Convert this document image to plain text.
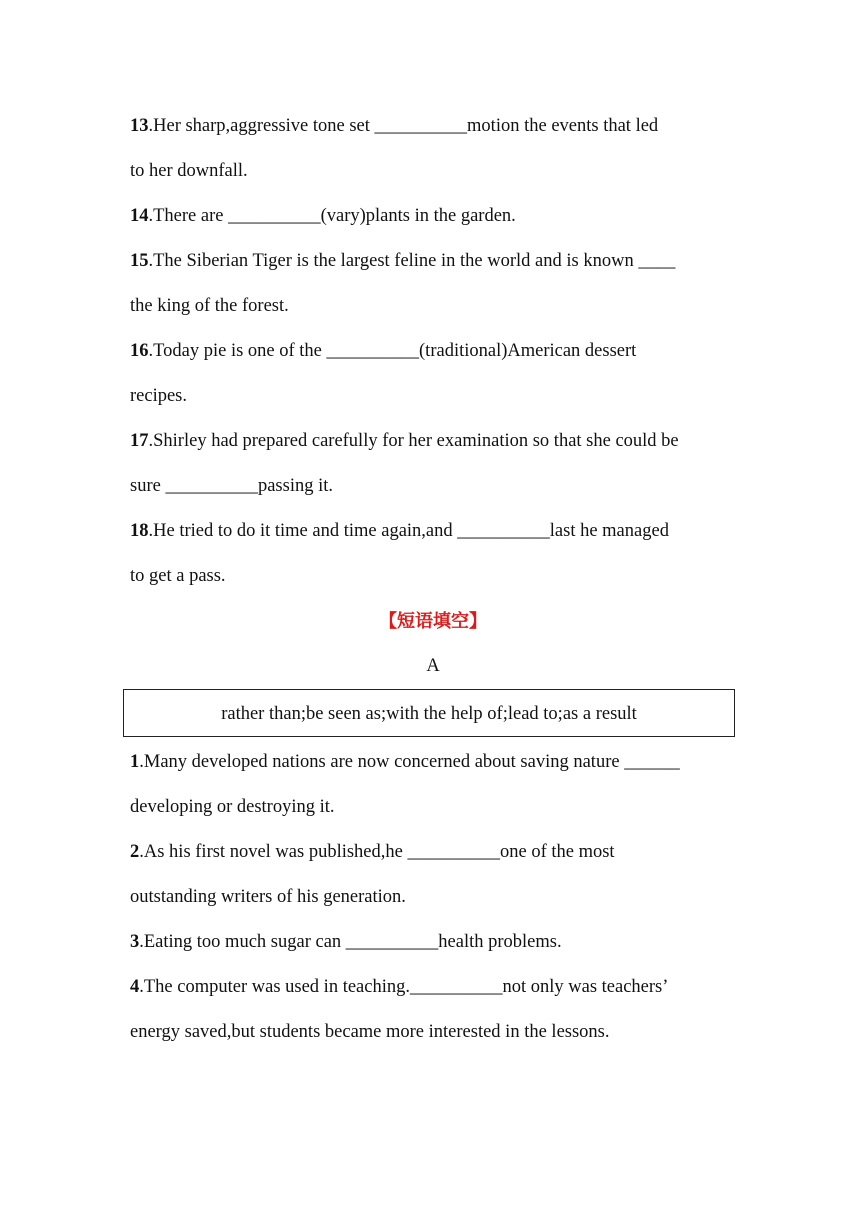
13.Her sharp,aggressive tone set __________motion the events that led
to her downfall.
14.There are __________(vary)plants in the garden.
15.The Siberian Tiger is the largest feline in the world and is known ____
the king of the forest.
16.Today pie is one of the __________(traditional)American dessert
recipes.
17.Shirley had prepared carefully for her examination so that she could be
sure __________passing it.
18.He tried to do it time and time again,and __________last he managed
to get a pass.
【短语填空】
A
rather than;be seen as;with the help of;lead to;as a result
1.Many developed nations are now concerned about saving nature ______
developing or destroying it.
2.As his first novel was published,he __________one of the most
outstanding writers of his generation.
3.Eating too much sugar can __________health problems.
4.The computer was used in teaching.__________not only was teachers’
energy saved,but students became more interested in the lessons.
